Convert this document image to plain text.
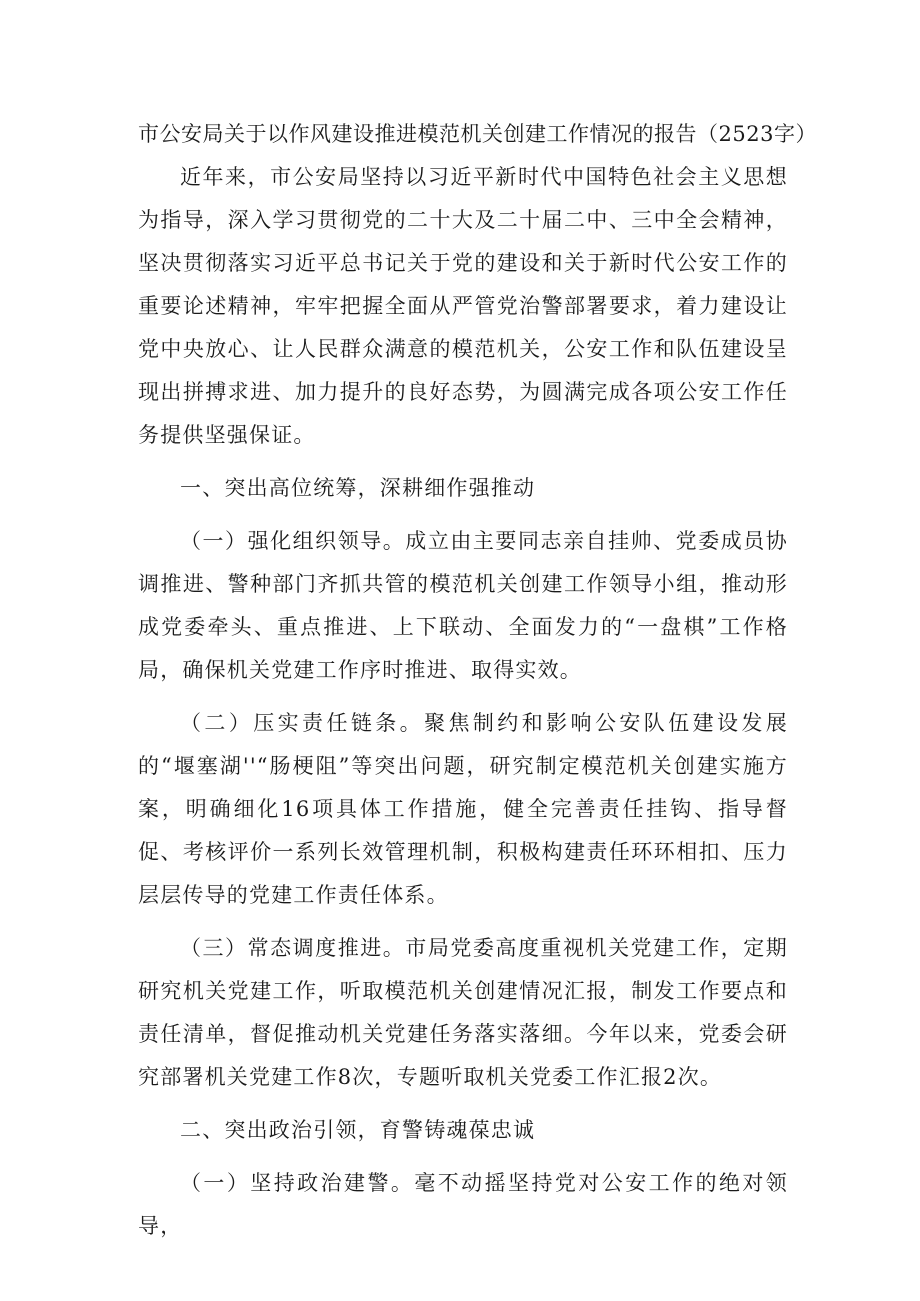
市公安局关于以作风建设推进模范机关创建工作情况的报告（2523字）

近年来，市公安局坚持以习近平新时代中国特色社会主义思想为指导，深入学习贯彻党的二十大及二十届二中、三中全会精神，坚决贯彻落实习近平总书记关于党的建设和关于新时代公安工作的重要论述精神，牢牢把握全面从严管党治警部署要求，着力建设让党中央放心、让人民群众满意的模范机关，公安工作和队伍建设呈现出拼搏求进、加力提升的良好态势，为圆满完成各项公安工作任务提供坚强保证。

一、突出高位统筹，深耕细作强推动

（一）强化组织领导。成立由主要同志亲自挂帅、党委成员协调推进、警种部门齐抓共管的模范机关创建工作领导小组，推动形成党委牵头、重点推进、上下联动、全面发力的“一盘棋”工作格局，确保机关党建工作序时推进、取得实效。

（二）压实责任链条。聚焦制约和影响公安队伍建设发展的“堰塞湖''“肠梗阻”等突出问题，研究制定模范机关创建实施方案，明确细化16项具体工作措施，健全完善责任挂钩、指导督促、考核评价一系列长效管理机制，积极构建责任环环相扣、压力层层传导的党建工作责任体系。

（三）常态调度推进。市局党委高度重视机关党建工作，定期研究机关党建工作，听取模范机关创建情况汇报，制发工作要点和责任清单，督促推动机关党建任务落实落细。今年以来，党委会研究部署机关党建工作8次，专题听取机关党委工作汇报2次。

二、突出政治引领，育警铸魂葆忠诚

（一）坚持政治建警。毫不动摇坚持党对公安工作的绝对领导，
